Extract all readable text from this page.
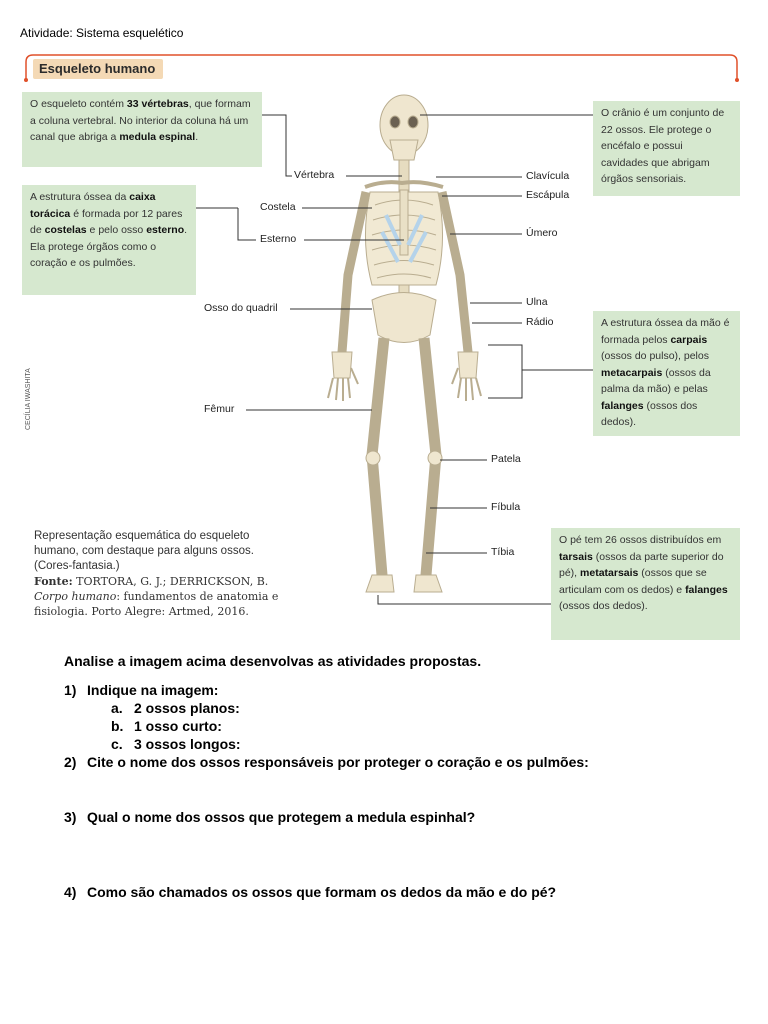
Atividade: Sistema esquelético
Esqueleto humano
O esqueleto contém 33 vértebras, que formam a coluna vertebral. No interior da coluna há um canal que abriga a medula espinal.
A estrutura óssea da caixa torácica é formada por 12 pares de costelas e pelo osso esterno. Ela protege órgãos como o coração e os pulmões.
O crânio é um conjunto de 22 ossos. Ele protege o encéfalo e possui cavidades que abrigam órgãos sensoriais.
A estrutura óssea da mão é formada pelos carpais (ossos do pulso), pelos metacarpais (ossos da palma da mão) e pelas falanges (ossos dos dedos).
O pé tem 26 ossos distribuídos em tarsais (ossos da parte superior do pé), metatarsais (ossos que se articulam com os dedos) e falanges (ossos dos dedos).
Vértebra
Costela
Esterno
Osso do quadril
Fêmur
Clavícula
Escápula
Úmero
Ulna
Rádio
Patela
Fíbula
Tíbia
CECÍLIA IWASHITA
Representação esquemática do esqueleto humano, com destaque para alguns ossos. (Cores-fantasia.)
Fonte: TORTORA, G. J.; DERRICKSON, B. Corpo humano: fundamentos de anatomia e fisiologia. Porto Alegre: Artmed, 2016.
Analise a imagem acima desenvolvas as atividades propostas.
1) Indique na imagem:
a. 2 ossos planos:
b. 1 osso curto:
c. 3 ossos longos:
2) Cite o nome dos ossos responsáveis por proteger o coração e os pulmões:
3) Qual o nome dos ossos que protegem a medula espinhal?
4) Como são chamados os ossos que formam os dedos da mão e do pé?
